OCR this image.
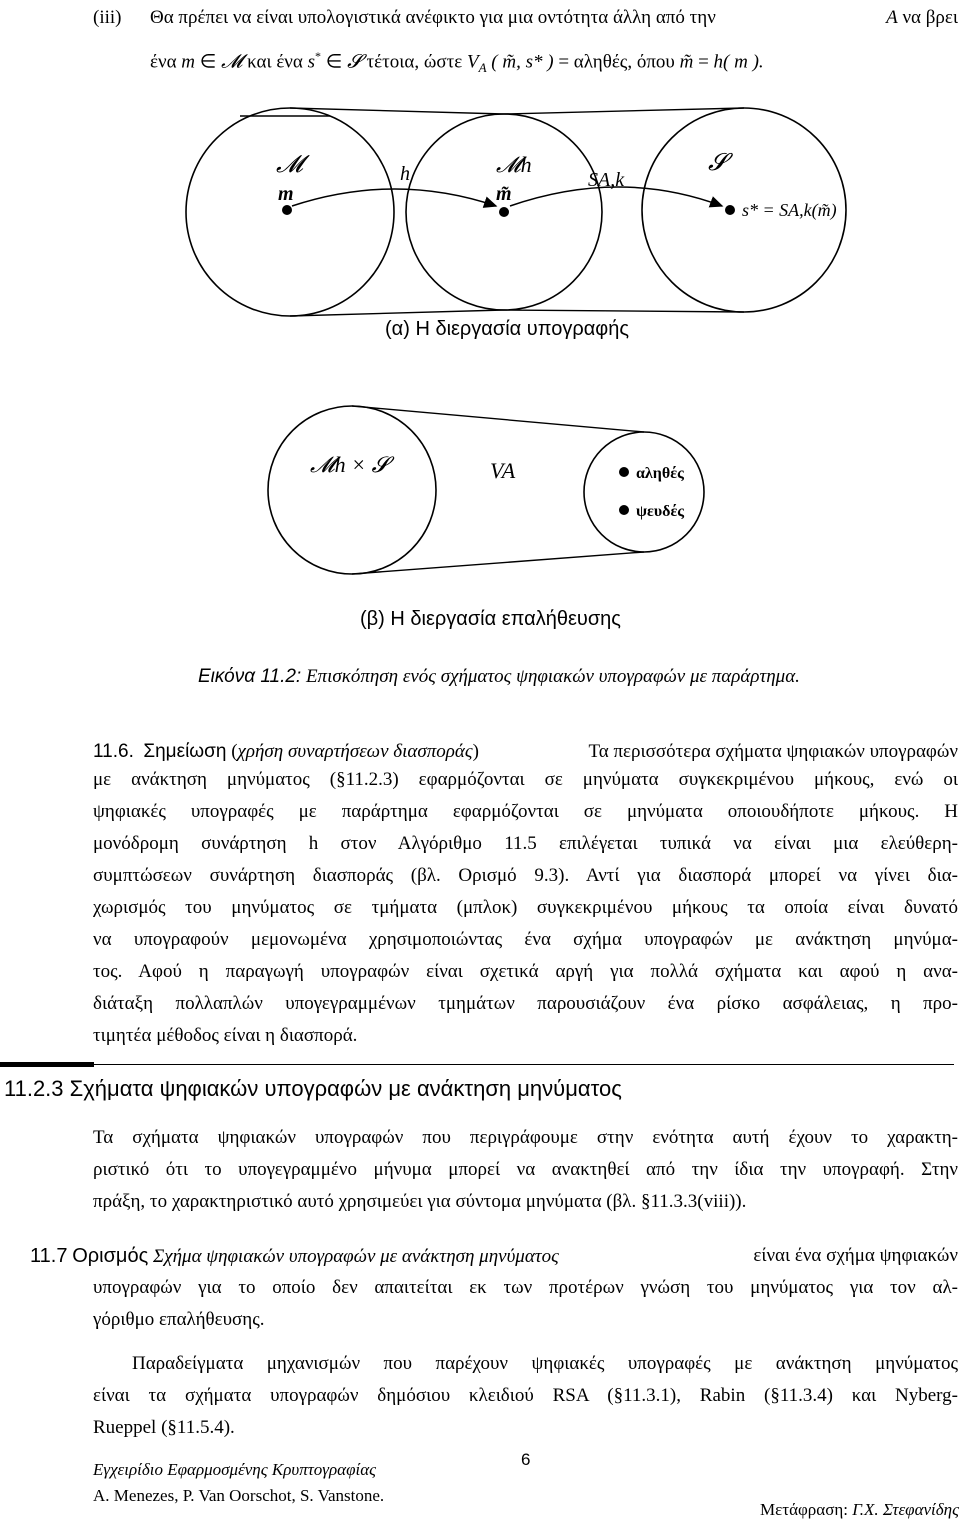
(iii)	Θα πρέπει να είναι υπολογιστικά ανέφικτο για μια οντότητα άλλη από την	A να βρει
ένα m ∈ 𝓜 και ένα s* ∈ 𝓢 τέτοια, ώστε $V_A$ ( m̃, s* ) = αληθές, όπου m̃ = h( m ).
𝓜
m
h	𝓜h
m̃
SA,k
𝓢
s* = SA,k(m̃)
𝓜h × 𝓢	VA	αληθές
ψευδές
(α) Η διεργασία υπογραφής
(β) Η διεργασία επαλήθευσης
Εικόνα 11.2: Επισκόπηση ενός σχήματος ψηφιακών υπογραφών με παράρτημα.
11.6. Σημείωση (χρήση συναρτήσεων διασποράς)	Τα περισσότερα σχήματα ψηφιακών υπογραφών
με ανάκτηση μηνύματος (§11.2.3) εφαρμόζονται σε μηνύματα συγκεκριμένου μήκους, ενώ οι
ψηφιακές υπογραφές με παράρτημα εφαρμόζονται σε μηνύματα οποιουδήποτε μήκους. Η
μονόδρομη συνάρτηση h στον Αλγόριθμο 11.5 επιλέγεται τυπικά να είναι μια ελεύθερη-
συμπτώσεων συνάρτηση διασποράς (βλ. Ορισμό 9.3). Αντί για διασπορά μπορεί να γίνει δια-
χωρισμός του μηνύματος σε τμήματα (μπλοκ) συγκεκριμένου μήκους τα οποία είναι δυνατό
να υπογραφούν μεμονωμένα χρησιμοποιώντας ένα σχήμα υπογραφών με ανάκτηση μηνύμα-
τος. Αφού η παραγωγή υπογραφών είναι σχετικά αργή για πολλά σχήματα και αφού η ανα-
διάταξη πολλαπλών υπογεγραμμένων τμημάτων παρουσιάζουν ένα ρίσκο ασφάλειας, η προ-
τιμητέα μέθοδος είναι η διασπορά.
11.2.3 Σχήματα ψηφιακών υπογραφών με ανάκτηση μηνύματος
Τα σχήματα ψηφιακών υπογραφών που περιγράφουμε στην ενότητα αυτή έχουν το χαρακτη-
ριστικό ότι το υπογεγραμμένο μήνυμα μπορεί να ανακτηθεί από την ίδια την υπογραφή. Στην
πράξη, το χαρακτηριστικό αυτό χρησιμεύει για σύντομα μηνύματα (βλ. §11.3.3(viii)).
11.7 Ορισμός Σχήμα ψηφιακών υπογραφών με ανάκτηση μηνύματος	είναι ένα σχήμα ψηφιακών
υπογραφών για το οποίο δεν απαιτείται εκ των προτέρων γνώση του μηνύματος για τον αλ-
γόριθμο επαλήθευσης.
Παραδείγματα μηχανισμών που παρέχουν ψηφιακές υπογραφές με ανάκτηση μηνύματος
είναι τα σχήματα υπογραφών δημόσιου κλειδιού RSA (§11.3.1), Rabin (§11.3.4) και Nyberg-
Rueppel (§11.5.4).
Εγχειρίδιο Εφαρμοσμένης Κρυπτογραφίας
A. Menezes, P. Van Oorschot, S. Vanstone.
6
Μετάφραση: Γ.Χ. Στεφανίδης
